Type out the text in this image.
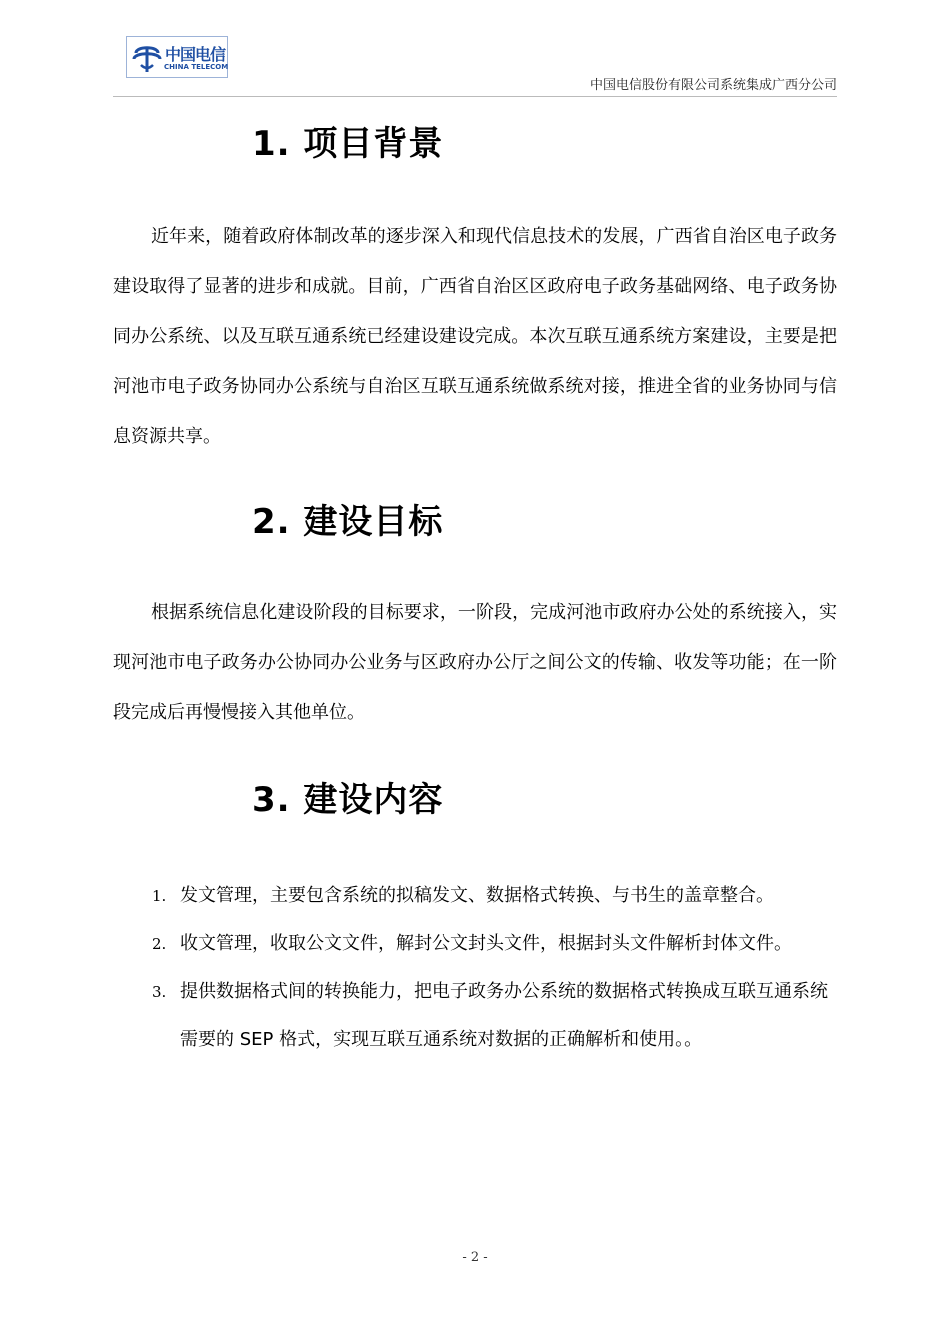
中国电信
CHINA TELECOM
中国电信股份有限公司系统集成广西分公司
1. 项目背景

近年来，随着政府体制改革的逐步深入和现代信息技术的发展，广西省自治区电子政务建设取得了显著的进步和成就。目前，广西省自治区区政府电子政务基础网络、电子政务协同办公系统、以及互联互通系统已经建设建设完成。本次互联互通系统方案建设，主要是把河池市电子政务协同办公系统与自治区互联互通系统做系统对接，推进全省的业务协同与信息资源共享。

2. 建设目标

根据系统信息化建设阶段的目标要求，一阶段，完成河池市政府办公处的系统接入，实现河池市电子政务办公协同办公业务与区政府办公厅之间公文的传输、收发等功能；在一阶段完成后再慢慢接入其他单位。

3. 建设内容
1. 发文管理，主要包含系统的拟稿发文、数据格式转换、与书生的盖章整合。
2. 收文管理，收取公文文件，解封公文封头文件，根据封头文件解析封体文件。
3. 提供数据格式间的转换能力，把电子政务办公系统的数据格式转换成互联互通系统需要的 SEP 格式，实现互联互通系统对数据的正确解析和使用。。
- 2 -
